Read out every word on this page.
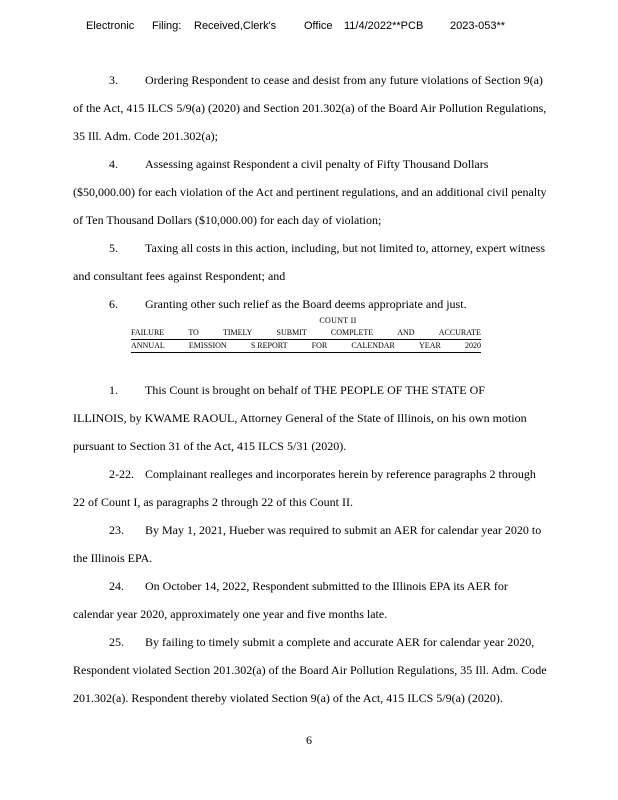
Electronic	Filing:	Received,Clerk's	Office	11/4/2022**PCB	2023-053**
3. Ordering Respondent to cease and desist from any future violations of Section 9(a)
of the Act, 415 ILCS 5/9(a) (2020) and Section 201.302(a) of the Board Air Pollution Regulations,
35 Ill. Adm. Code 201.302(a);
4. Assessing against Respondent a civil penalty of Fifty Thousand Dollars
($50,000.00) for each violation of the Act and pertinent regulations, and an additional civil penalty
of Ten Thousand Dollars ($10,000.00) for each day of violation;
5. Taxing all costs in this action, including, but not limited to, attorney, expert witness
and consultant fees against Respondent; and
6. Granting other such relief as the Board deems appropriate and just.
COUNT II
FAILURE	TO	TIMELY	SUBMIT	COMPLETE	AND	ACCURATE
ANNUAL	EMISSION	S REPORT	FOR	CALENDAR	YEAR	2020
1. This Count is brought on behalf of THE PEOPLE OF THE STATE OF
ILLINOIS, by KWAME RAOUL, Attorney General of the State of Illinois, on his own motion
pursuant to Section 31 of the Act, 415 ILCS 5/31 (2020).
2-22. Complainant realleges and incorporates herein by reference paragraphs 2 through
22 of Count I, as paragraphs 2 through 22 of this Count II.
23. By May 1, 2021, Hueber was required to submit an AER for calendar year 2020 to
the Illinois EPA.
24. On October 14, 2022, Respondent submitted to the Illinois EPA its AER for
calendar year 2020, approximately one year and five months late.
25. By failing to timely submit a complete and accurate AER for calendar year 2020,
Respondent violated Section 201.302(a) of the Board Air Pollution Regulations, 35 Ill. Adm. Code
201.302(a). Respondent thereby violated Section 9(a) of the Act, 415 ILCS 5/9(a) (2020).
6
